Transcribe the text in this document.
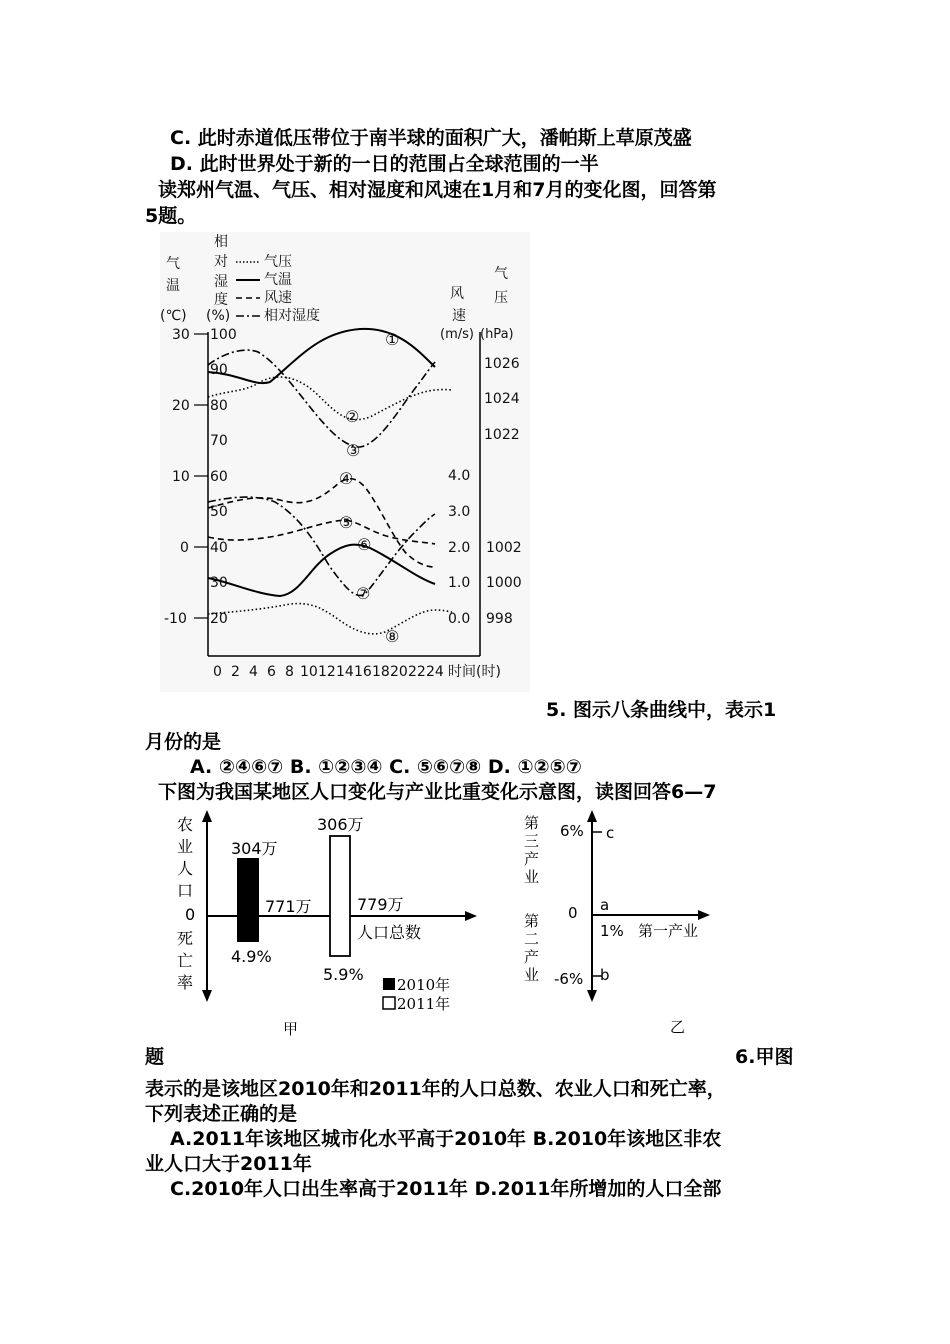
C. 此时赤道低压带位于南半球的面积广大，潘帕斯上草原茂盛
D. 此时世界处于新的一日的范围占全球范围的一半
读郑州气温、气压、相对湿度和风速在1月和7月的变化图，回答第
5题。
气
温
(℃)
相
对
湿
度
(%)
气压
气温
风速
相对湿度
风
速
(m/s)
气
压
(hPa)
30
20
10
0
-10
100
90
80
70
60
50
40
30
20
1026
1024
1022
4.0
3.0
2.0
1.0
0.0
1002
1000
998
0 2 4 6 8 10 12 14 16 18 20 22 24 时间(时)
①
②
③
④
⑤
⑥
⑦
⑧
5. 图示八条曲线中，表示1
月份的是
A. ②④⑥⑦ B. ①②③④ C. ⑤⑥⑦⑧ D. ①②⑤⑦
下图为我国某地区人口变化与产业比重变化示意图，读图回答6—7
农
业
人
口
0
死
亡
率
304万
306万
771万	779万
人口总数
4.9%
5.9%
2010年
2011年
甲
第
三
产
业
6%
0
第
二
产
业 -6%
c
a
b
1% 第一产业
乙
题	6.甲图
表示的是该地区2010年和2011年的人口总数、农业人口和死亡率，
下列表述正确的是
A.2011年该地区城市化水平高于2010年 B.2010年该地区非农
业人口大于2011年
C.2010年人口出生率高于2011年 D.2011年所增加的人口全部
